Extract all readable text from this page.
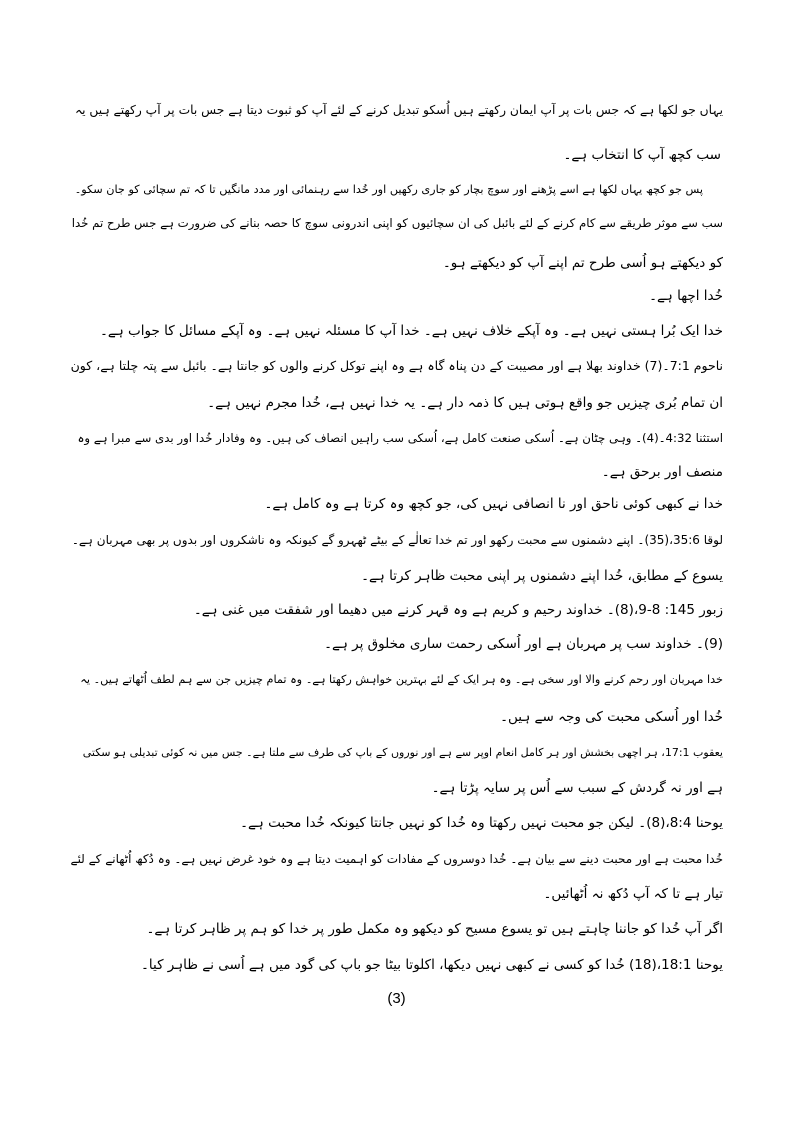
یہاں جو لکھا ہے کہ جس بات پر آپ ایمان رکھتے ہیں اُسکو تبدیل کرنے کے لئے آپ کو ثبوت دیتا ہے جس بات پر آپ رکھتے ہیں یہ
سب کچھ آپ کا انتخاب ہے۔
پس جو کچھ یہاں لکھا ہے اسے پڑھنے اور سوچ بچار کو جاری رکھیں اور خُدا سے رہنمائی اور مدد مانگیں تا کہ تم سچائی کو جان سکو۔
سب سے موثر طریقے سے کام کرنے کے لئے بائبل کی ان سچائیوں کو اپنی اندرونی سوچ کا حصہ بنانے کی ضرورت ہے جس طرح تم خُدا
کو دیکھتے ہو اُسی طرح تم اپنے آپ کو دیکھتے ہو۔
خُدا اچھا ہے۔
خدا ایک بُرا ہستی نہیں ہے۔ وہ آپکے خلاف نہیں ہے۔ خدا آپ کا مسئلہ نہیں ہے۔ وہ آپکے مسائل کا جواب ہے۔
ناحوم 7:1۔(7) خداوند بھلا ہے اور مصیبت کے دن پناہ گاہ ہے وہ اپنے توکل کرنے والوں کو جانتا ہے۔ بائبل سے پتہ چلتا ہے، کون
ان تمام بُری چیزیں جو واقع ہوتی ہیں کا ذمہ دار ہے۔ یہ خدا نہیں ہے، خُدا مجرم نہیں ہے۔
استثنا 4:32۔(4)۔ وہی چٹان ہے۔ اُسکی صنعت کامل ہے، اُسکی سب راہیں انصاف کی ہیں۔ وہ وفادار خُدا اور بدی سے مبرا ہے وہ
منصف اور برحق ہے۔
خدا نے کبھی کوئی ناحق اور نا انصافی نہیں کی، جو کچھ وہ کرتا ہے وہ کامل ہے۔
لوقا 35:6،(35)۔ اپنے دشمنوں سے محبت رکھو اور تم خدا تعالٰے کے بیٹے ٹھہرو گے کیونکہ وہ ناشکروں اور بدوں پر بھی مہربان ہے۔
یسوع کے مطابق، خُدا اپنے دشمنوں پر اپنی محبت ظاہر کرتا ہے۔
زبور 145: 8-9،(8)۔ خداوند رحیم و کریم ہے وہ قہر کرنے میں دھیما اور شفقت میں غنی ہے۔
(9)۔ خداوند سب پر مہربان ہے اور اُسکی رحمت ساری مخلوق پر ہے۔
خدا مہربان اور رحم کرنے والا اور سخی ہے۔ وہ ہر ایک کے لئے بہترین خواہش رکھتا ہے۔ وہ تمام چیزیں جن سے ہم لطف اُٹھاتے ہیں۔ یہ
خُدا اور اُسکی محبت کی وجہ سے ہیں۔
یعقوب 17:1، ہر اچھی بخشش اور ہر کامل انعام اوپر سے ہے اور نوروں کے باپ کی طرف سے ملتا ہے۔ جس میں نہ کوئی تبدیلی ہو سکتی
ہے اور نہ گردش کے سبب سے اُس پر سایہ پڑتا ہے۔
یوحنا 8:4،(8)۔ لیکن جو محبت نہیں رکھتا وہ خُدا کو نہیں جانتا کیونکہ خُدا محبت ہے۔
خُدا محبت ہے اور محبت دینے سے بیان ہے۔ خُدا دوسروں کے مفادات کو اہمیت دیتا ہے وہ خود غرض نہیں ہے۔ وہ دُکھ اُٹھانے کے لئے
تیار ہے تا کہ آپ دُکھ نہ اُٹھائیں۔
اگر آپ خُدا کو جاننا چاہتے ہیں تو یسوع مسیح کو دیکھو وہ مکمل طور پر خدا کو ہم پر ظاہر کرتا ہے۔
یوحنا 18:1،(18) خُدا کو کسی نے کبھی نہیں دیکھا، اکلوتا بیٹا جو باپ کی گود میں ہے اُسی نے ظاہر کیا۔
(3)
